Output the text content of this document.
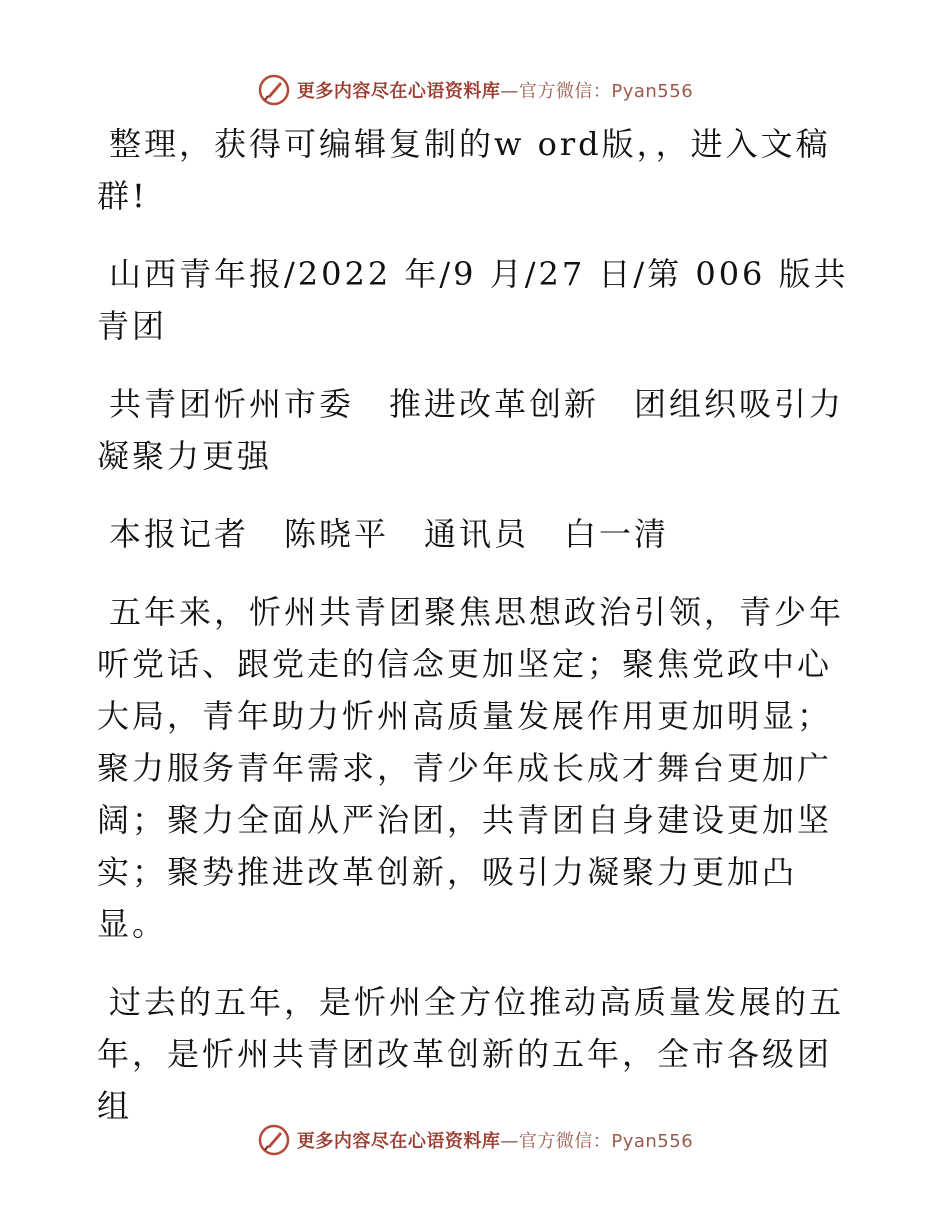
更多内容尽在心语资料库—官方微信：Pyan556

整理，获得可编辑复制的w ord版，，进入文稿群!

山西青年报/2022 年/9 月/27 日/第 006 版共青团

共青团忻州市委　推进改革创新　团组织吸引力凝聚力更强

本报记者　陈晓平　通讯员　白一清

五年来，忻州共青团聚焦思想政治引领，青少年听党话、跟党走的信念更加坚定；聚焦党政中心大局，青年助力忻州高质量发展作用更加明显；聚力服务青年需求，青少年成长成才舞台更加广阔；聚力全面从严治团，共青团自身建设更加坚实；聚势推进改革创新，吸引力凝聚力更加凸显。

过去的五年，是忻州全方位推动高质量发展的五年，是忻州共青团改革创新的五年，全市各级团组

更多内容尽在心语资料库—官方微信：Pyan556
